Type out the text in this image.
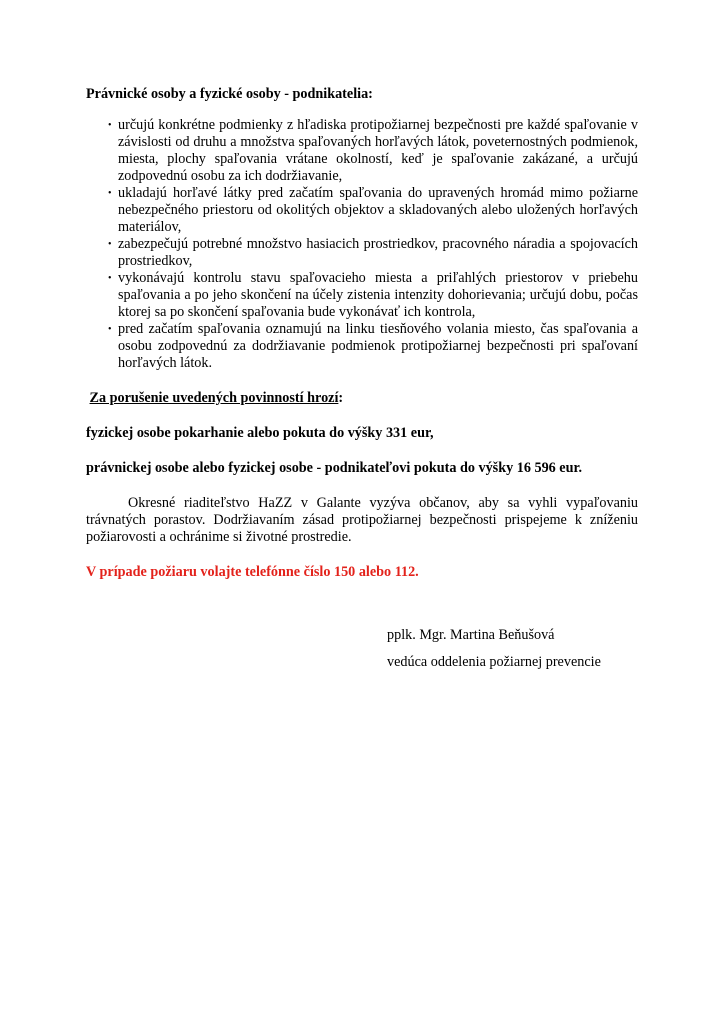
Právnické osoby a fyzické osoby - podnikatelia:

• určujú konkrétne podmienky z hľadiska protipožiarnej bezpečnosti pre každé spaľovanie v závislosti od druhu a množstva spaľovaných horľavých látok, poveternostných podmienok, miesta, plochy spaľovania vrátane okolností, keď je spaľovanie zakázané, a určujú zodpovednú osobu za ich dodržiavanie,
• ukladajú horľavé látky pred začatím spaľovania do upravených hromád mimo požiarne nebezpečného priestoru od okolitých objektov a skladovaných alebo uložených horľavých materiálov,
• zabezpečujú potrebné množstvo hasiacich prostriedkov, pracovného náradia a spojovacích prostriedkov,
• vykonávajú kontrolu stavu spaľovacieho miesta a priľahlých priestorov v priebehu spaľovania a po jeho skončení na účely zistenia intenzity dohorievania; určujú dobu, počas ktorej sa po skončení spaľovania bude vykonávať ich kontrola,
• pred začatím spaľovania oznamujú na linku tiesňového volania miesto, čas spaľovania a osobu zodpovednú za dodržiavanie podmienok protipožiarnej bezpečnosti pri spaľovaní horľavých látok.

Za porušenie uvedených povinností hrozí:

fyzickej osobe pokarhanie alebo pokuta do výšky 331 eur,

právnickej osobe alebo fyzickej osobe - podnikateľovi pokuta do výšky 16 596 eur.

Okresné riaditeľstvo HaZZ v Galante vyzýva občanov, aby sa vyhli vypaľovaniu trávnatých porastov. Dodržiavaním zásad protipožiarnej bezpečnosti prispejeme k zníženiu požiarovosti a ochránime si životné prostredie.

V prípade požiaru volajte telefónne číslo 150 alebo 112.

pplk. Mgr. Martina Beňušová

vedúca oddelenia požiarnej prevencie
